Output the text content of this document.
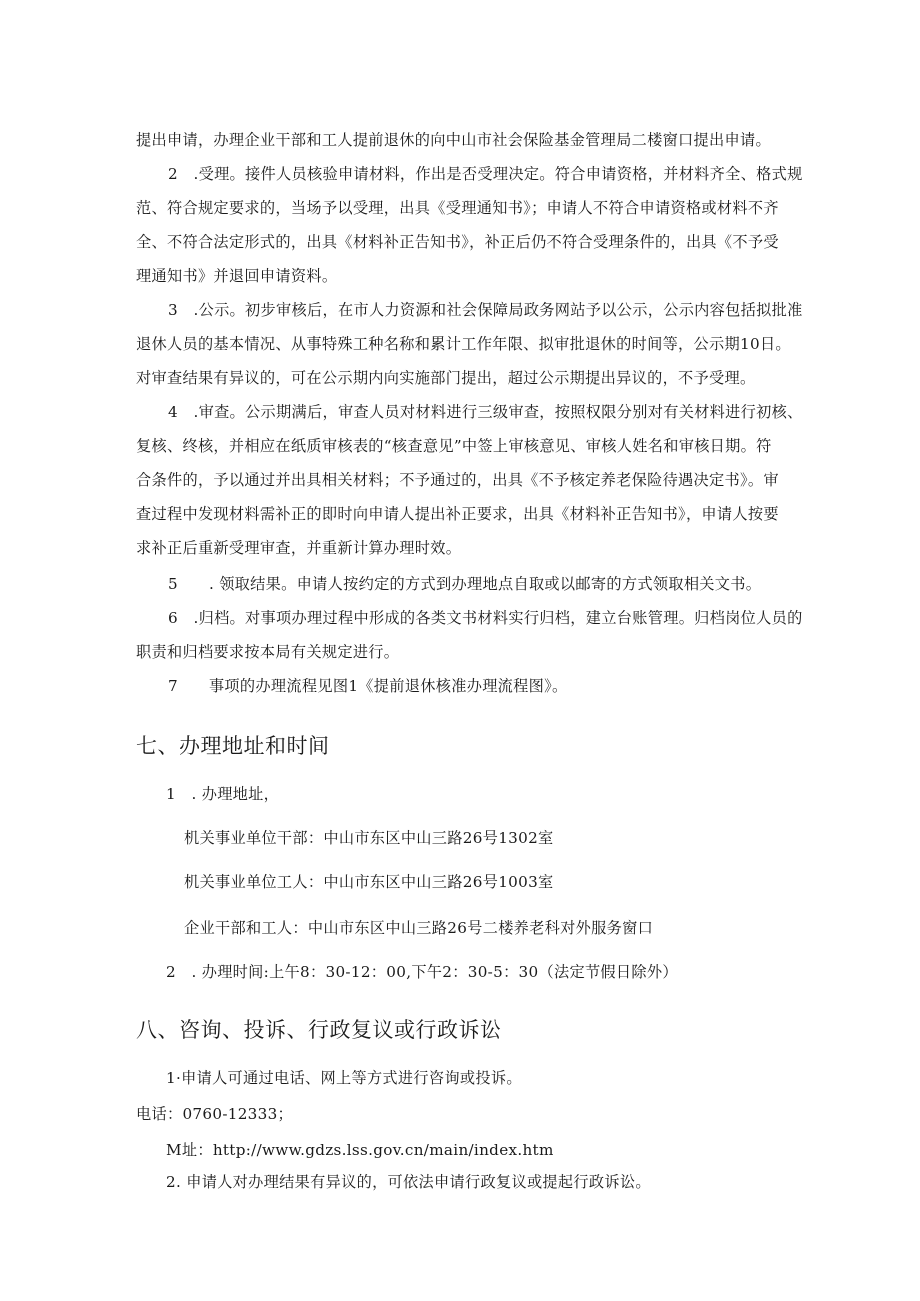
提出申请，办理企业干部和工人提前退休的向中山市社会保险基金管理局二楼窗口提出申请。
2　.受理。接件人员核验申请材料，作出是否受理决定。符合申请资格，并材料齐全、格式规
范、符合规定要求的，当场予以受理，出具《受理通知书》；申请人不符合申请资格或材料不齐
全、不符合法定形式的，出具《材料补正告知书》，补正后仍不符合受理条件的，出具《不予受
理通知书》并退回申请资料。
3　.公示。初步审核后，在市人力资源和社会保障局政务网站予以公示，公示内容包括拟批准
退休人员的基本情况、从事特殊工种名称和累计工作年限、拟审批退休的时间等，公示期10日。
对审查结果有异议的，可在公示期内向实施部门提出，超过公示期提出异议的，不予受理。
4　.审查。公示期满后，审查人员对材料进行三级审查，按照权限分别对有关材料进行初核、
复核、终核，并相应在纸质审核表的“核查意见”中签上审核意见、审核人姓名和审核日期。符
合条件的，予以通过并出具相关材料；不予通过的，出具《不予核定养老保险待遇决定书》。审
查过程中发现材料需补正的即时向申请人提出补正要求，出具《材料补正告知书》，申请人按要
求补正后重新受理审查，并重新计算办理时效。
5　　. 领取结果。申请人按约定的方式到办理地点自取或以邮寄的方式领取相关文书。
6　.归档。对事项办理过程中形成的各类文书材料实行归档，建立台账管理。归档岗位人员的
职责和归档要求按本局有关规定进行。
7　　事项的办理流程见图1《提前退休核准办理流程图》。
七、办理地址和时间
1　. 办理地址，
机关事业单位干部：中山市东区中山三路26号1302室
机关事业单位工人：中山市东区中山三路26号1003室
企业干部和工人：中山市东区中山三路26号二楼养老科对外服务窗口
2　. 办理时间:上午8：30-12：00,下午2：30-5：30（法定节假日除外）
八、咨询、投诉、行政复议或行政诉讼
1·申请人可通过电话、网上等方式进行咨询或投诉。
电话：0760-12333；
M址：http://www.gdzs.lss.gov.cn/main/index.htm
2. 申请人对办理结果有异议的，可依法申请行政复议或提起行政诉讼。
